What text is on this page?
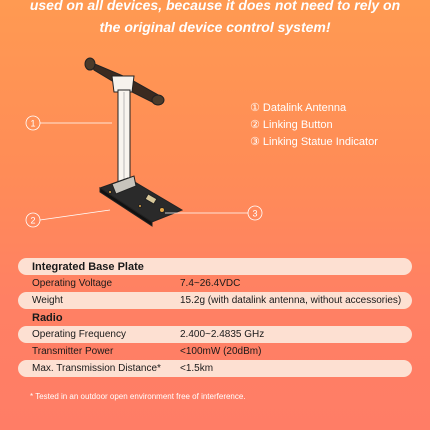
used on all devices, because it does not need to rely on
the original device control system!
1
2
3
① Datalink Antenna
② Linking Button
③ Linking Statue Indicator
Integrated Base Plate
Operating Voltage	7.4~26.4VDC
Weight	15.2g (with datalink antenna, without accessories)
Radio
Operating Frequency	2.400~2.4835 GHz
Transmitter Power	<100mW (20dBm)
Max. Transmission Distance* <1.5km
* Tested in an outdoor open environment free of interference.
